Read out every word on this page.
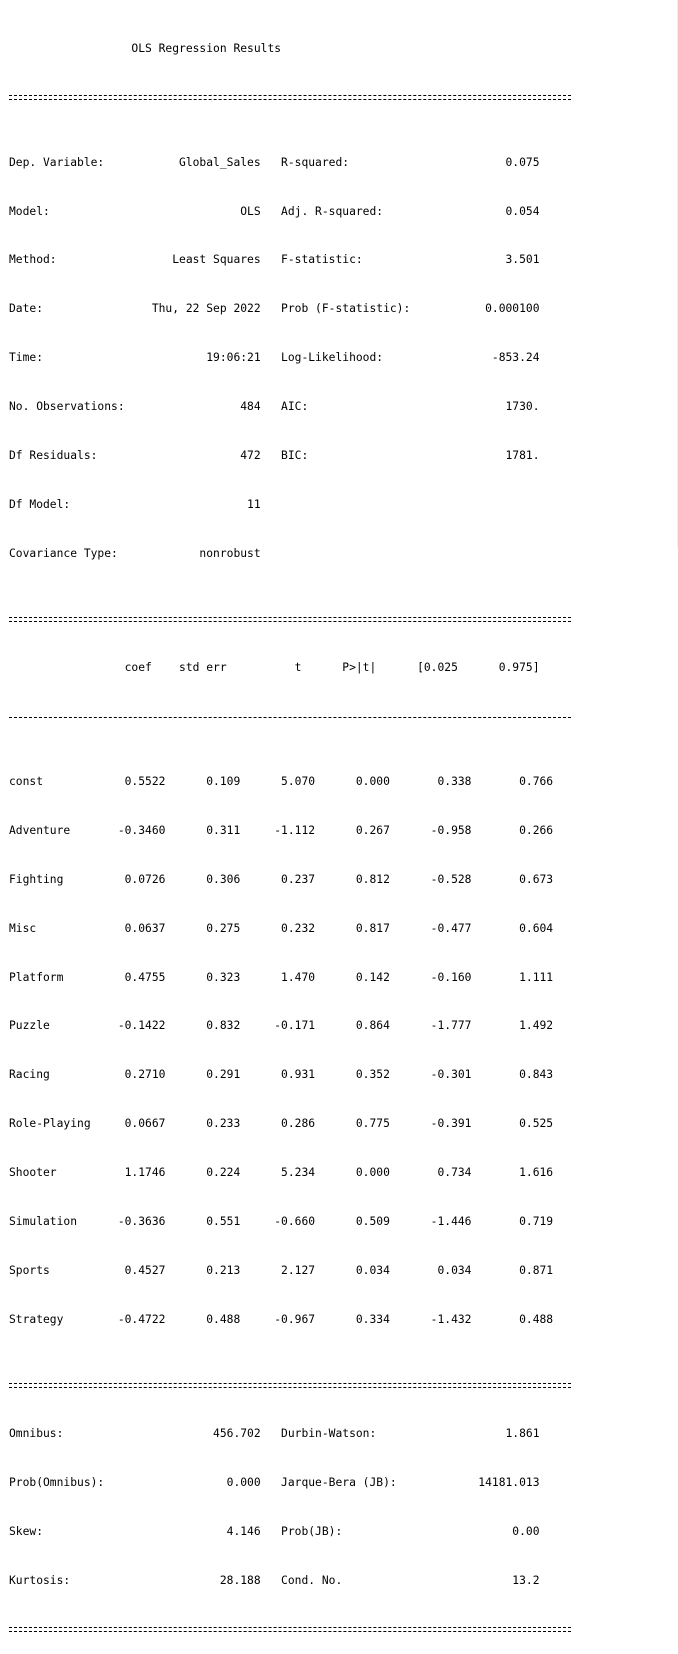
OLS Regression Results

Dep. Variable:           Global_Sales   R-squared:                       0.075

Model:                            OLS   Adj. R-squared:                  0.054

Method:                 Least Squares   F-statistic:                     3.501

Date:                Thu, 22 Sep 2022   Prob (F-statistic):           0.000100

Time:                        19:06:21   Log-Likelihood:                -853.24

No. Observations:                 484   AIC:                             1730.

Df Residuals:                     472   BIC:                             1781.

Df Model:                          11

Covariance Type:            nonrobust

coef    std err          t      P>|t|      [0.025      0.975]

const            0.5522      0.109      5.070      0.000       0.338       0.766

Adventure       -0.3460      0.311     -1.112      0.267      -0.958       0.266

Fighting         0.0726      0.306      0.237      0.812      -0.528       0.673

Misc             0.0637      0.275      0.232      0.817      -0.477       0.604

Platform         0.4755      0.323      1.470      0.142      -0.160       1.111

Puzzle          -0.1422      0.832     -0.171      0.864      -1.777       1.492

Racing           0.2710      0.291      0.931      0.352      -0.301       0.843

Role-Playing     0.0667      0.233      0.286      0.775      -0.391       0.525

Shooter          1.1746      0.224      5.234      0.000       0.734       1.616

Simulation      -0.3636      0.551     -0.660      0.509      -1.446       0.719

Sports           0.4527      0.213      2.127      0.034       0.034       0.871

Strategy        -0.4722      0.488     -0.967      0.334      -1.432       0.488

Omnibus:                      456.702   Durbin-Watson:                   1.861

Prob(Omnibus):                  0.000   Jarque-Bera (JB):            14181.013

Skew:                           4.146   Prob(JB):                         0.00

Kurtosis:                      28.188   Cond. No.                         13.2
